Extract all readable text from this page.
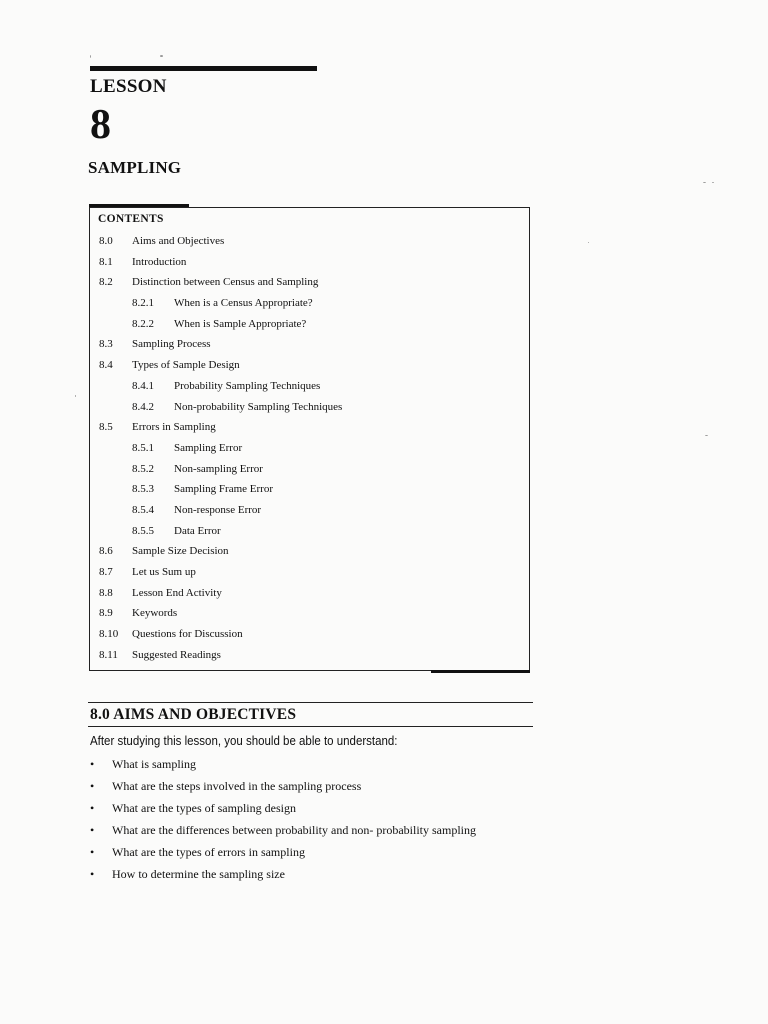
LESSON
8
SAMPLING
CONTENTS
8.0	Aims and Objectives
8.1	Introduction
8.2	Distinction between Census and Sampling
8.2.1	When is a Census Appropriate?
8.2.2	When is Sample Appropriate?
8.3	Sampling Process
8.4	Types of Sample Design
8.4.1	Probability Sampling Techniques
8.4.2	Non-probability Sampling Techniques
8.5	Errors in Sampling
8.5.1	Sampling Error
8.5.2	Non-sampling Error
8.5.3	Sampling Frame Error
8.5.4	Non-response Error
8.5.5	Data Error
8.6	Sample Size Decision
8.7	Let us Sum up
8.8	Lesson End Activity
8.9	Keywords
8.10	Questions for Discussion
8.11	Suggested Readings
8.0 AIMS AND OBJECTIVES
After studying this lesson, you should be able to understand:
•	What is sampling
•	What are the steps involved in the sampling process
•	What are the types of sampling design
•	What are the differences between probability and non- probability sampling
•	What are the types of errors in sampling
•	How to determine the sampling size
